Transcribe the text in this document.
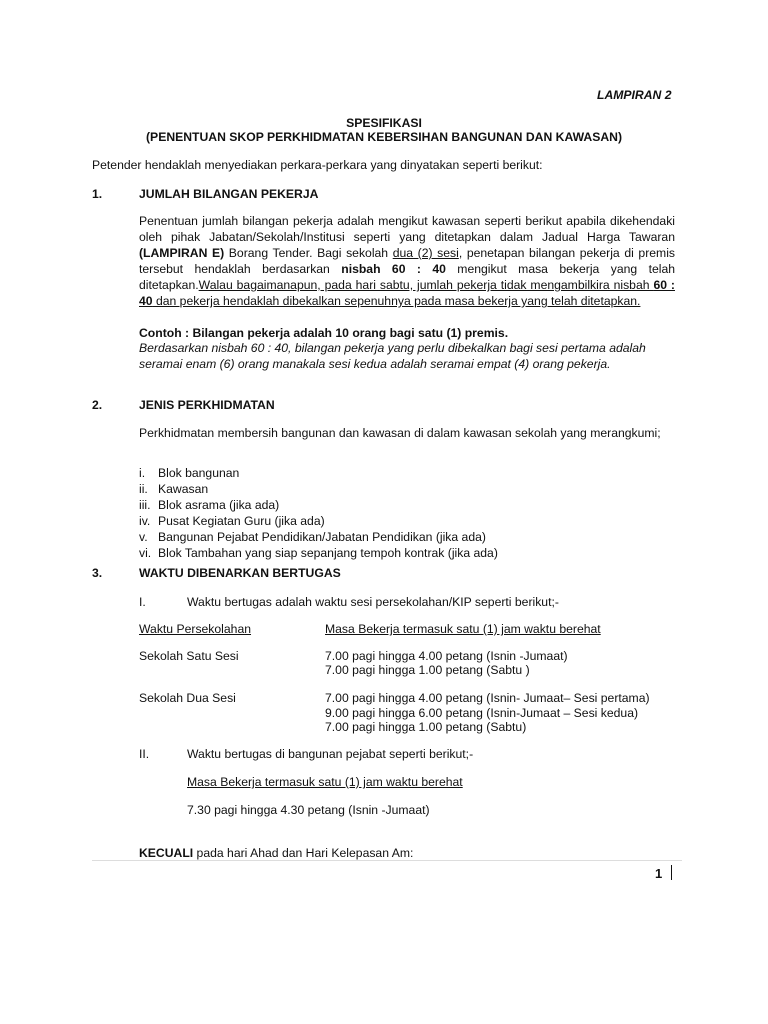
LAMPIRAN 2
SPESIFIKASI
(PENENTUAN SKOP PERKHIDMATAN KEBERSIHAN BANGUNAN DAN KAWASAN)
Petender hendaklah menyediakan perkara-perkara yang dinyatakan seperti berikut:
1.	JUMLAH BILANGAN PEKERJA

Penentuan jumlah bilangan pekerja adalah mengikut kawasan seperti berikut apabila dikehendaki oleh pihak Jabatan/Sekolah/Institusi seperti yang ditetapkan dalam Jadual Harga Tawaran (LAMPIRAN E) Borang Tender. Bagi sekolah dua (2) sesi, penetapan bilangan pekerja di premis tersebut hendaklah berdasarkan nisbah 60 : 40 mengikut masa bekerja yang telah ditetapkan.Walau bagaimanapun, pada hari sabtu, jumlah pekerja tidak mengambilkira nisbah 60 : 40 dan pekerja hendaklah dibekalkan sepenuhnya pada masa bekerja yang telah ditetapkan.

Contoh : Bilangan pekerja adalah 10 orang bagi satu (1) premis.
Berdasarkan nisbah 60 : 40, bilangan pekerja yang perlu dibekalkan bagi sesi pertama adalah seramai enam (6) orang manakala sesi kedua adalah seramai empat (4) orang pekerja.
2.	JENIS PERKHIDMATAN
Perkhidmatan membersih bangunan dan kawasan di dalam kawasan sekolah yang merangkumi;
i. Blok bangunan
ii. Kawasan
iii. Blok asrama (jika ada)
iv. Pusat Kegiatan Guru (jika ada)
v. Bangunan Pejabat Pendidikan/Jabatan Pendidikan (jika ada)
vi. Blok Tambahan yang siap sepanjang tempoh kontrak (jika ada)
3.	WAKTU DIBENARKAN BERTUGAS
I.	Waktu bertugas adalah waktu sesi persekolahan/KIP seperti berikut;-
Waktu Persekolahan	Masa Bekerja termasuk satu (1) jam waktu berehat
Sekolah Satu Sesi	7.00 pagi hingga 4.00 petang (Isnin -Jumaat)
7.00 pagi hingga 1.00 petang (Sabtu )
Sekolah Dua Sesi	7.00 pagi hingga 4.00 petang (Isnin- Jumaat– Sesi pertama)
9.00 pagi hingga 6.00 petang (Isnin-Jumaat – Sesi kedua)
7.00 pagi hingga 1.00 petang (Sabtu)
II.	Waktu bertugas di bangunan pejabat seperti berikut;-
Masa Bekerja termasuk satu (1) jam waktu berehat
7.30 pagi hingga 4.30 petang (Isnin -Jumaat)
KECUALI pada hari Ahad dan Hari Kelepasan Am:
1
